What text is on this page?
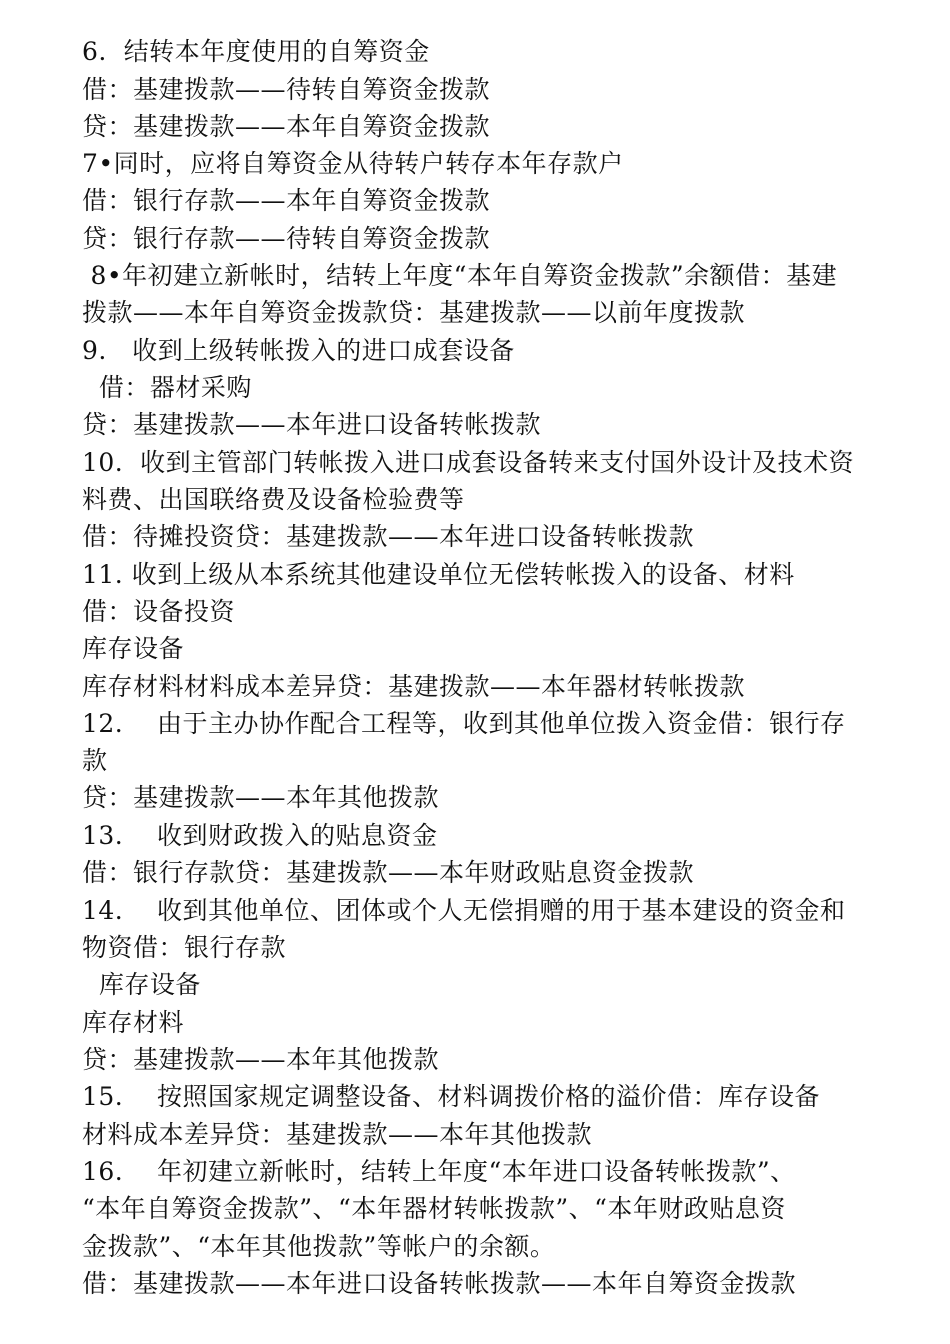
6.  结转本年度使用的自筹资金
借：基建拨款——待转自筹资金拨款
贷：基建拨款——本年自筹资金拨款
7•同时，应将自筹资金从待转户转存本年存款户
借：银行存款——本年自筹资金拨款
贷：银行存款——待转自筹资金拨款
8•年初建立新帐时，结转上年度“本年自筹资金拨款”余额借：基建
拨款——本年自筹资金拨款贷：基建拨款——以前年度拨款
9.   收到上级转帐拨入的进口成套设备
借：器材采购
贷：基建拨款——本年进口设备转帐拨款
10.  收到主管部门转帐拨入进口成套设备转来支付国外设计及技术资
料费、出国联络费及设备检验费等
借：待摊投资贷：基建拨款——本年进口设备转帐拨款
11. 收到上级从本系统其他建设单位无偿转帐拨入的设备、材料
借：设备投资
库存设备
库存材料材料成本差异贷：基建拨款——本年器材转帐拨款
12.    由于主办协作配合工程等，收到其他单位拨入资金借：银行存
款
贷：基建拨款——本年其他拨款
13.    收到财政拨入的贴息资金
借：银行存款贷：基建拨款——本年财政贴息资金拨款
14.    收到其他单位、团体或个人无偿捐赠的用于基本建设的资金和
物资借：银行存款
库存设备
库存材料
贷：基建拨款——本年其他拨款
15.    按照国家规定调整设备、材料调拨价格的溢价借：库存设备
材料成本差异贷：基建拨款——本年其他拨款
16.    年初建立新帐时，结转上年度“本年进口设备转帐拨款”、
“本年自筹资金拨款”、“本年器材转帐拨款”、“本年财政贴息资
金拨款”、“本年其他拨款”等帐户的余额。
借：基建拨款——本年进口设备转帐拨款——本年自筹资金拨款
